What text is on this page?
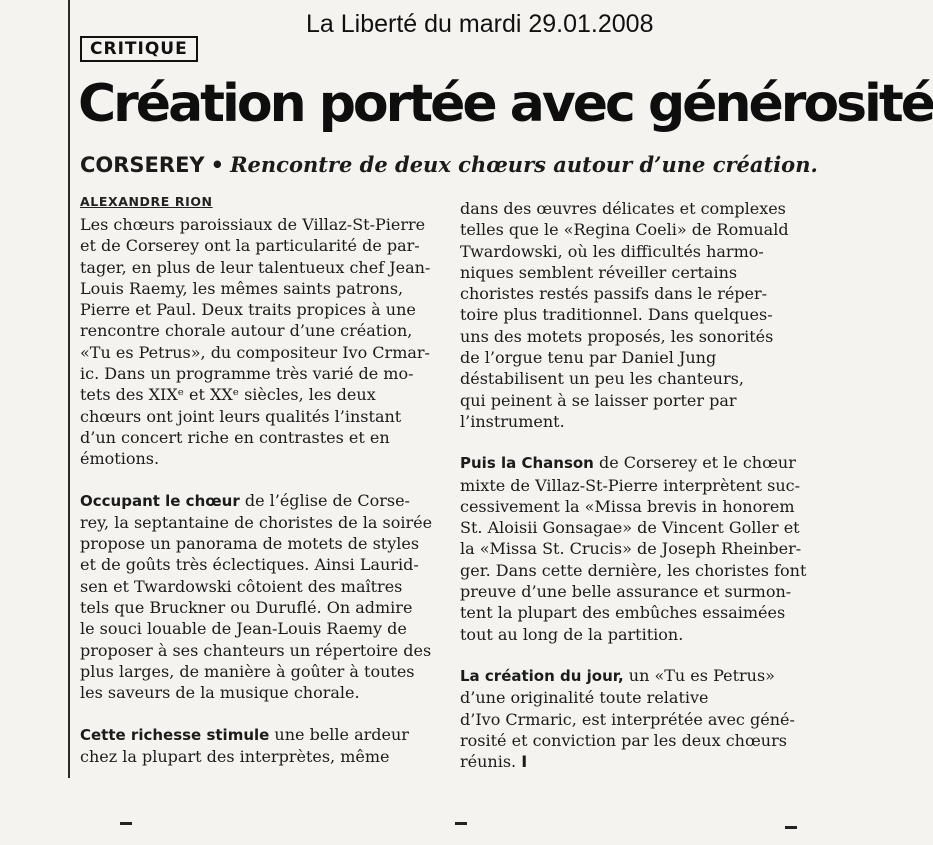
La Liberté du mardi 29.01.2008
CRITIQUE
Création portée avec générosité
CORSEREY • Rencontre de deux chœurs autour d’une création.
ALEXANDRE RION

Les chœurs paroissiaux de Villaz-St-Pierre
et de Corserey ont la particularité de par-
tager, en plus de leur talentueux chef Jean-
Louis Raemy, les mêmes saints patrons,
Pierre et Paul. Deux traits propices à une
rencontre chorale autour d’une création,
«Tu es Petrus», du compositeur Ivo Crmar-
ic. Dans un programme très varié de mo-
tets des XIXᵉ et XXᵉ siècles, les deux
chœurs ont joint leurs qualités l’instant
d’un concert riche en contrastes et en
émotions.

Occupant le chœur de l’église de Corse-
rey, la septantaine de choristes de la soirée
propose un panorama de motets de styles
et de goûts très éclectiques. Ainsi Laurid-
sen et Twardowski côtoient des maîtres
tels que Bruckner ou Duruflé. On admire
le souci louable de Jean-Louis Raemy de
proposer à ses chanteurs un répertoire des
plus larges, de manière à goûter à toutes
les saveurs de la musique chorale.

Cette richesse stimule une belle ardeur
chez la plupart des interprètes, même

dans des œuvres délicates et complexes
telles que le «Regina Coeli» de Romuald
Twardowski, où les difficultés harmo-
niques semblent réveiller certains
choristes restés passifs dans le réper-
toire plus traditionnel. Dans quelques-
uns des motets proposés, les sonorités
de l’orgue tenu par Daniel Jung
déstabilisent un peu les chanteurs,
qui peinent à se laisser porter par
l’instrument.

Puis la Chanson de Corserey et le chœur
mixte de Villaz-St-Pierre interprètent suc-
cessivement la «Missa brevis in honorem
St. Aloisii Gonsagae» de Vincent Goller et
la «Missa St. Crucis» de Joseph Rheinber-
ger. Dans cette dernière, les choristes font
preuve d’une belle assurance et surmon-
tent la plupart des embûches essaimées
tout au long de la partition.

La création du jour, un «Tu es Petrus»
d’une originalité toute relative
d’Ivo Crmaric, est interprétée avec géné-
rosité et conviction par les deux chœurs
réunis. I
